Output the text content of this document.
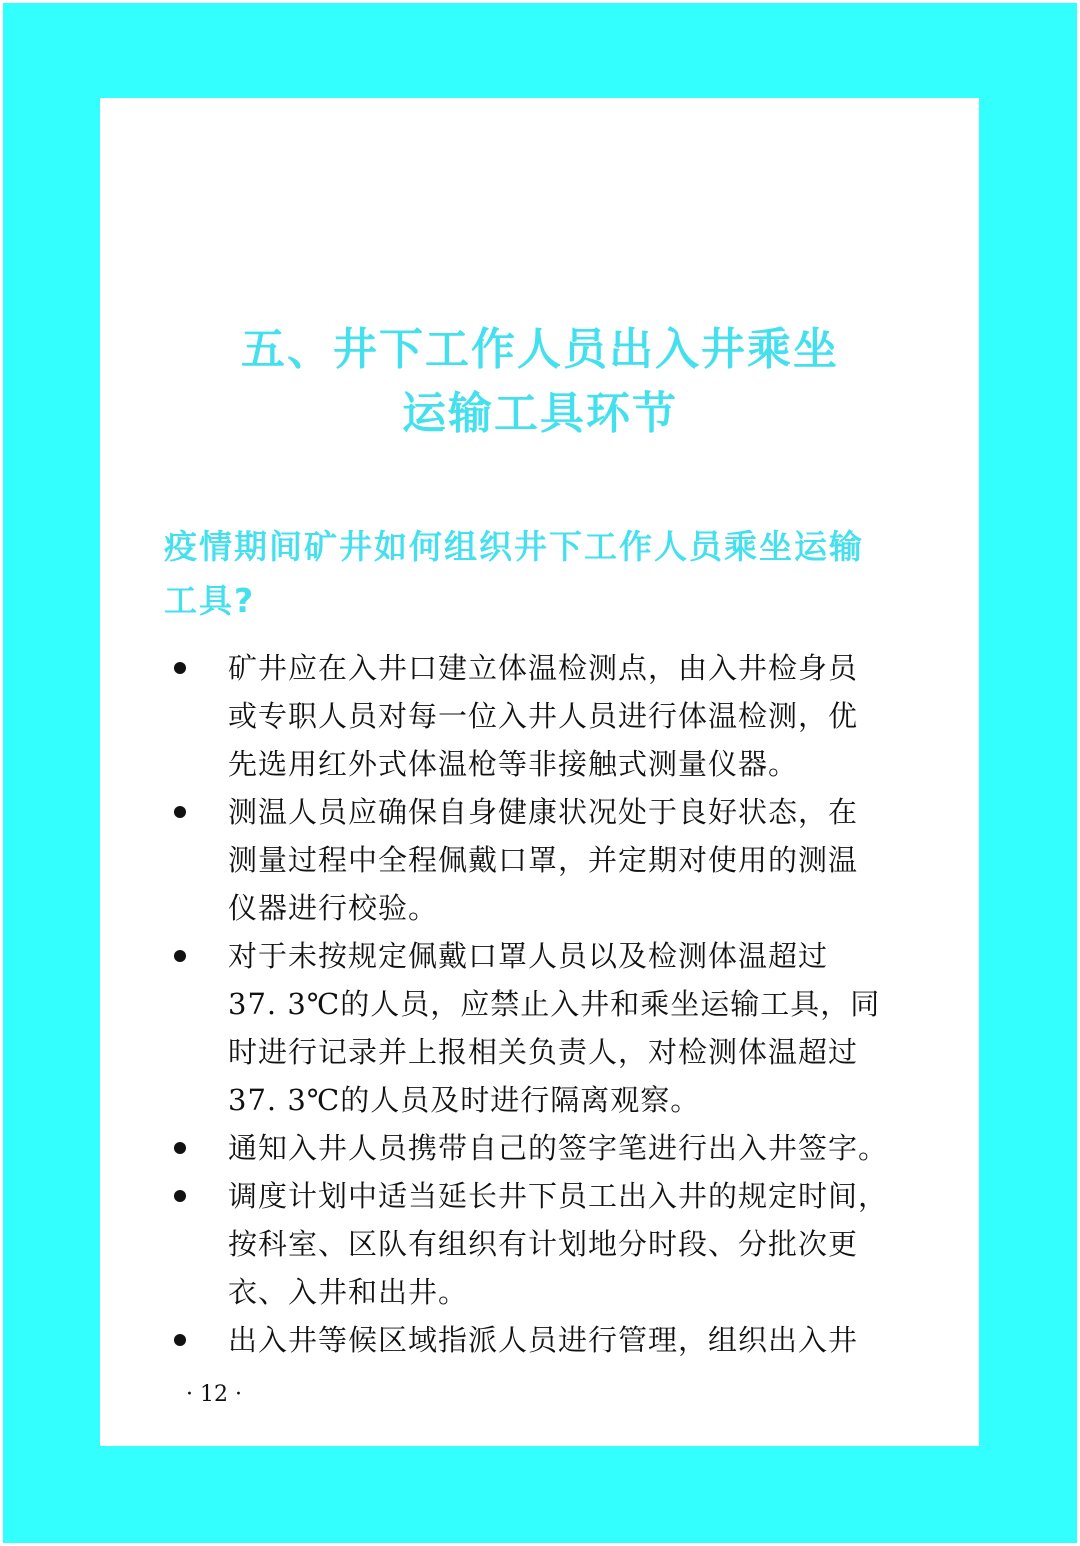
五、井下工作人员出入井乘坐
运输工具环节
疫情期间矿井如何组织井下工作人员乘坐运输
工具?
矿井应在入井口建立体温检测点，由入井检身员
或专职人员对每一位入井人员进行体温检测，优
先选用红外式体温枪等非接触式测量仪器。
测温人员应确保自身健康状况处于良好状态，在
测量过程中全程佩戴口罩，并定期对使用的测温
仪器进行校验。
对于未按规定佩戴口罩人员以及检测体温超过
37. 3℃的人员，应禁止入井和乘坐运输工具，同
时进行记录并上报相关负责人，对检测体温超过
37. 3℃的人员及时进行隔离观察。
通知入井人员携带自己的签字笔进行出入井签字。
调度计划中适当延长井下员工出入井的规定时间，
按科室、区队有组织有计划地分时段、分批次更
衣、入井和出井。
出入井等候区域指派人员进行管理，组织出入井
· 12 ·
